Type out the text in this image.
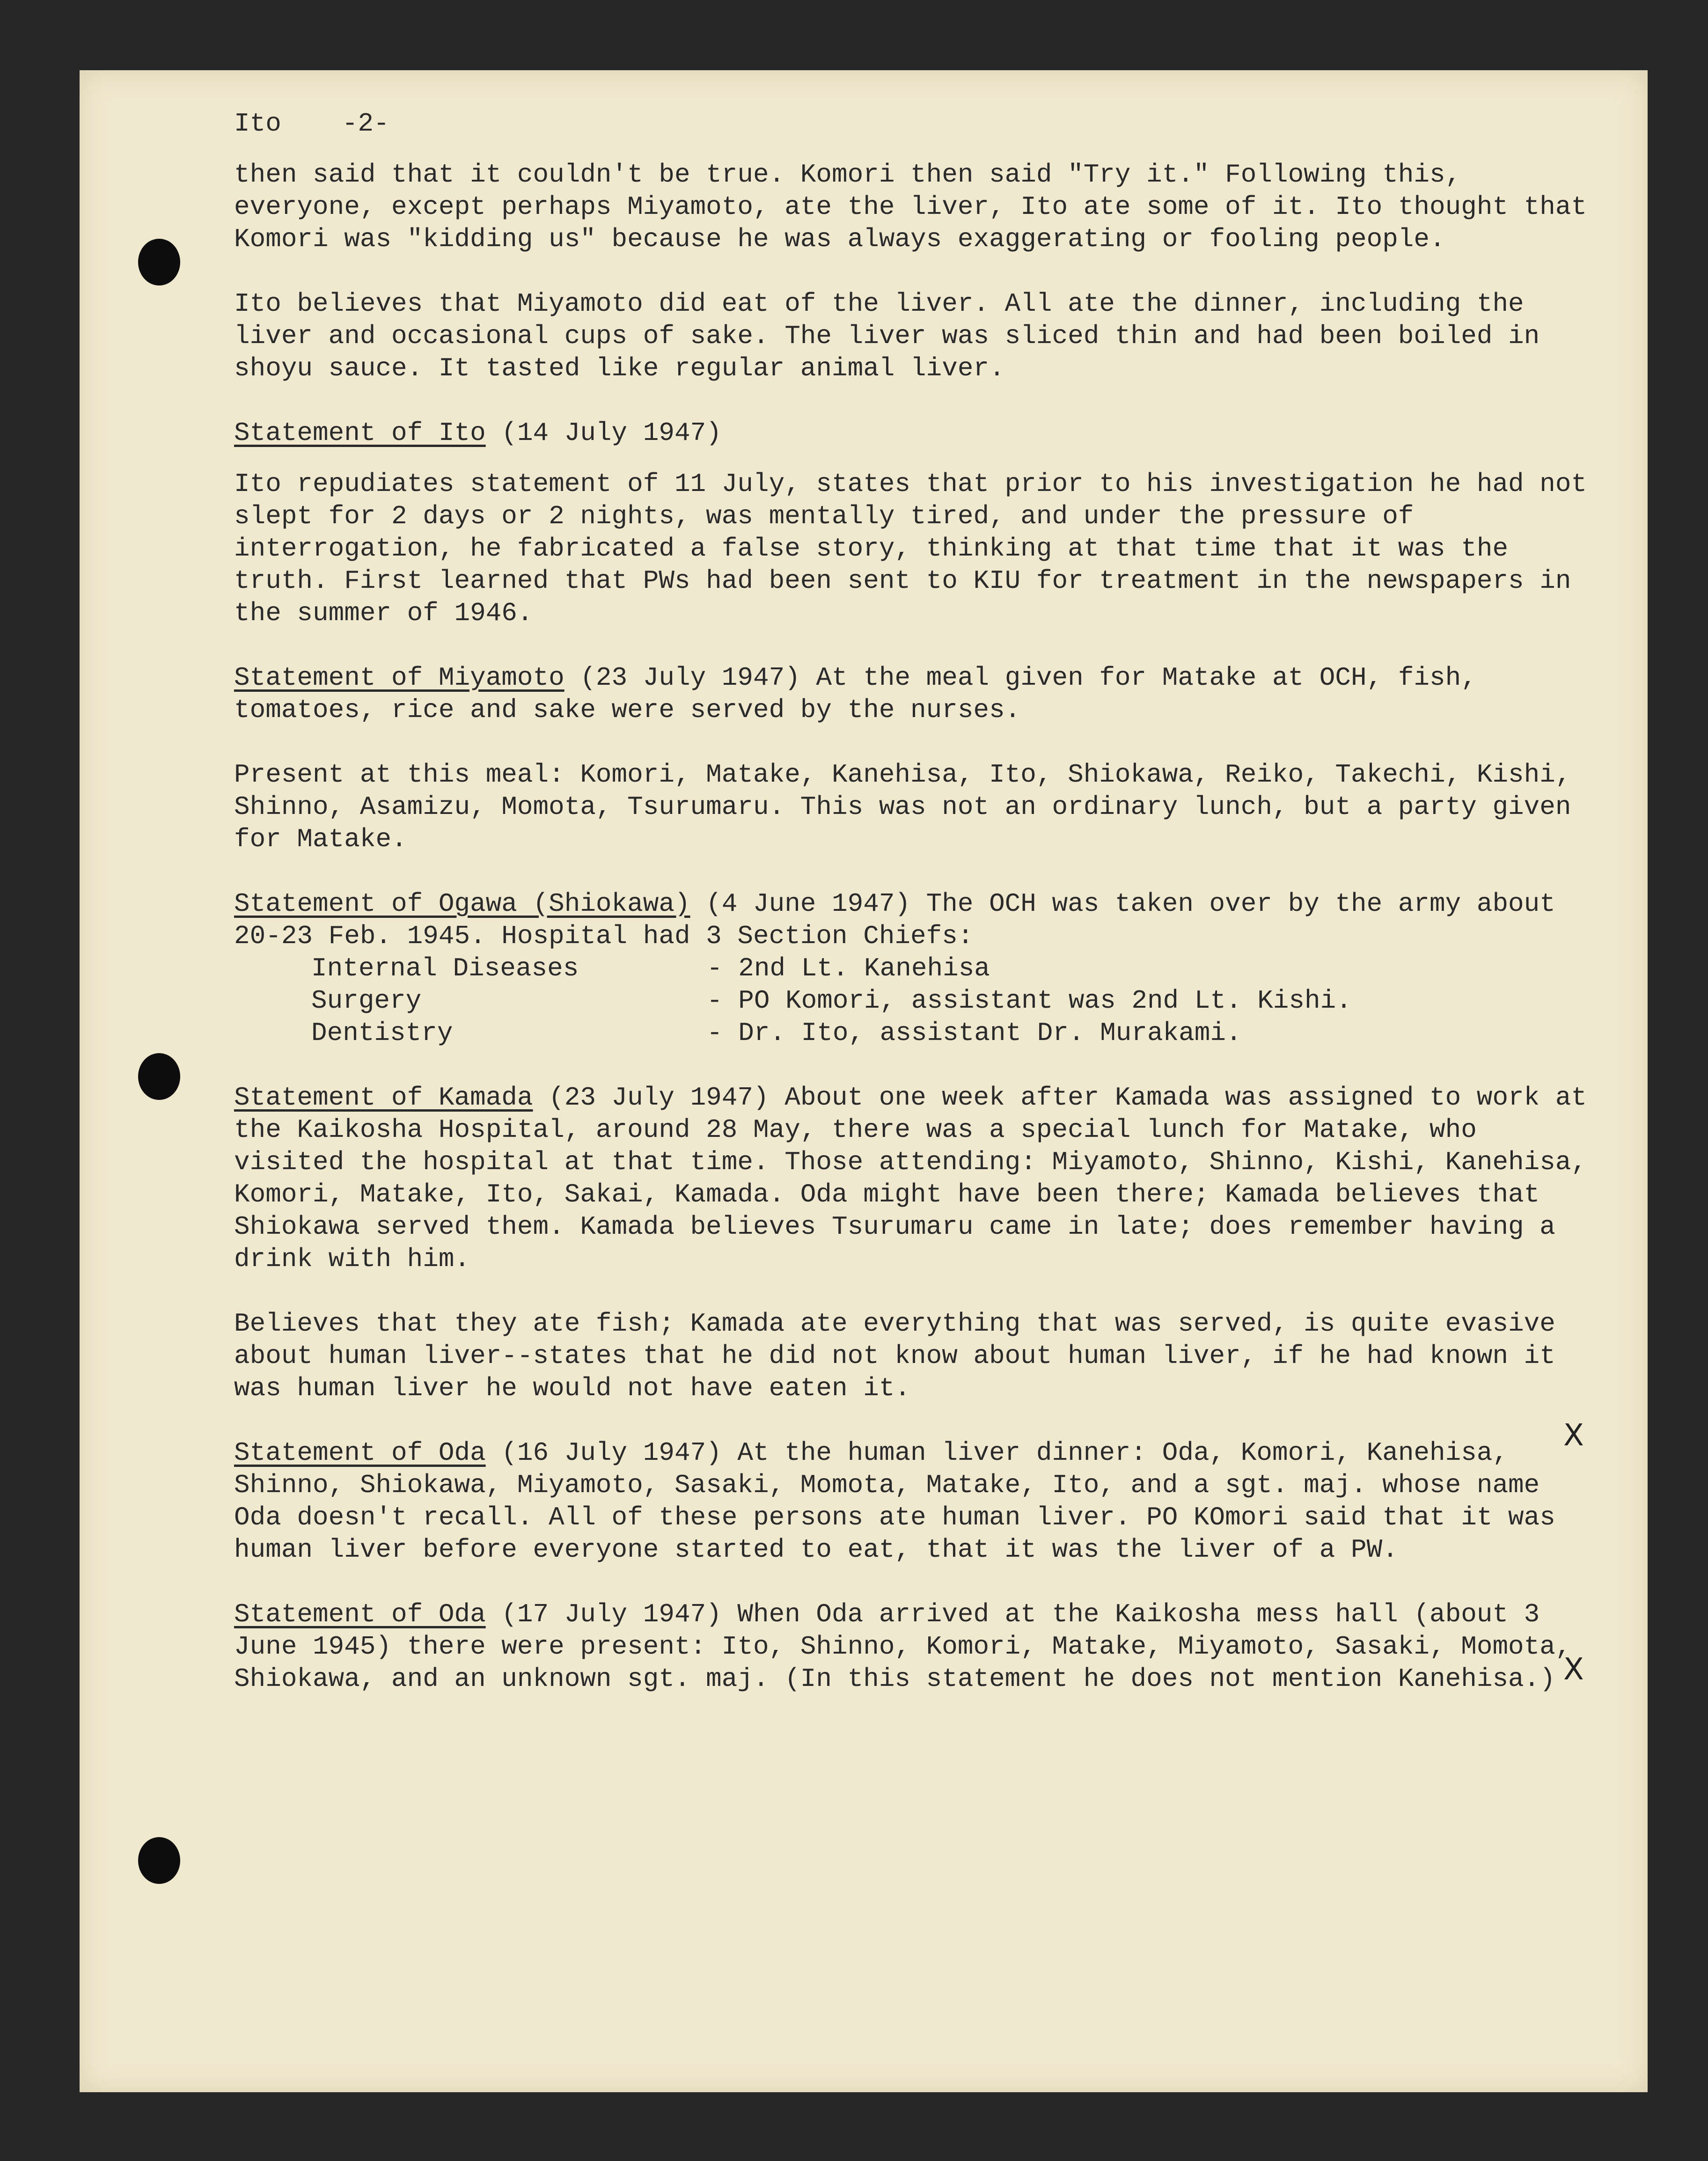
Ito -2-

then said that it couldn't be true. Komori then said "Try it." Following this, everyone, except perhaps Miyamoto, ate the liver, Ito ate some of it. Ito thought that Komori was "kidding us" because he was always exaggerating or fooling people.

Ito believes that Miyamoto did eat of the liver. All ate the dinner, including the liver and occasional cups of sake. The liver was sliced thin and had been boiled in shoyu sauce. It tasted like regular animal liver.

Statement of Ito (14 July 1947)

Ito repudiates statement of 11 July, states that prior to his investigation he had not slept for 2 days or 2 nights, was mentally tired, and under the pressure of interrogation, he fabricated a false story, thinking at that time that it was the truth. First learned that PWs had been sent to KIU for treatment in the newspapers in the summer of 1946.

Statement of Miyamoto (23 July 1947) At the meal given for Matake at OCH, fish, tomatoes, rice and sake were served by the nurses.

Present at this meal: Komori, Matake, Kanehisa, Ito, Shiokawa, Reiko, Takechi, Kishi, Shinno, Asamizu, Momota, Tsurumaru. This was not an ordinary lunch, but a party given for Matake.

Statement of Ogawa (Shiokawa) (4 June 1947) The OCH was taken over by the army about 20-23 Feb. 1945. Hospital had 3 Section Chiefs:

Internal Diseases	- 2nd Lt. Kanehisa
Surgery	- PO Komori, assistant was 2nd Lt. Kishi.
Dentistry	- Dr. Ito, assistant Dr. Murakami.

Statement of Kamada (23 July 1947) About one week after Kamada was assigned to work at the Kaikosha Hospital, around 28 May, there was a special lunch for Matake, who visited the hospital at that time. Those attending: Miyamoto, Shinno, Kishi, Kanehisa, Komori, Matake, Ito, Sakai, Kamada. Oda might have been there; Kamada believes that Shiokawa served them. Kamada believes Tsurumaru came in late; does remember having a drink with him.

Believes that they ate fish; Kamada ate everything that was served, is quite evasive about human liver--states that he did not know about human liver, if he had known it was human liver he would not have eaten it.

Statement of Oda (16 July 1947) At the human liver dinner: Oda, Komori, Kanehisa, Shinno, Shiokawa, Miyamoto, Sasaki, Momota, Matake, Ito, and a sgt. maj. whose name Oda doesn't recall. All of these persons ate human liver. PO KOmori said that it was human liver before everyone started to eat, that it was the liver of a PW.

Statement of Oda (17 July 1947) When Oda arrived at the Kaikosha mess hall (about 3 June 1945) there were present: Ito, Shinno, Komori, Matake, Miyamoto, Sasaki, Momota, Shiokawa, and an unknown sgt. maj. (In this statement he does not mention Kanehisa.)

X
X
